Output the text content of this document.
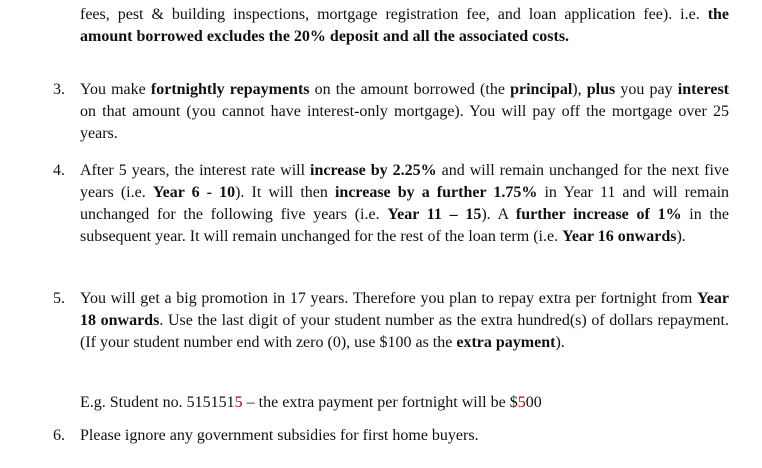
fees, pest & building inspections, mortgage registration fee, and loan application fee). i.e. the amount borrowed excludes the 20% deposit and all the associated costs.
3. You make fortnightly repayments on the amount borrowed (the principal), plus you pay interest on that amount (you cannot have interest-only mortgage). You will pay off the mortgage over 25 years.
4. After 5 years, the interest rate will increase by 2.25% and will remain unchanged for the next five years (i.e. Year 6 - 10). It will then increase by a further 1.75% in Year 11 and will remain unchanged for the following five years (i.e. Year 11 – 15). A further increase of 1% in the subsequent year. It will remain unchanged for the rest of the loan term (i.e. Year 16 onwards).
5. You will get a big promotion in 17 years. Therefore you plan to repay extra per fortnight from Year 18 onwards. Use the last digit of your student number as the extra hundred(s) of dollars repayment. (If your student number end with zero (0), use $100 as the extra payment).
E.g. Student no. 5151515 – the extra payment per fortnight will be $500
6. Please ignore any government subsidies for first home buyers.
